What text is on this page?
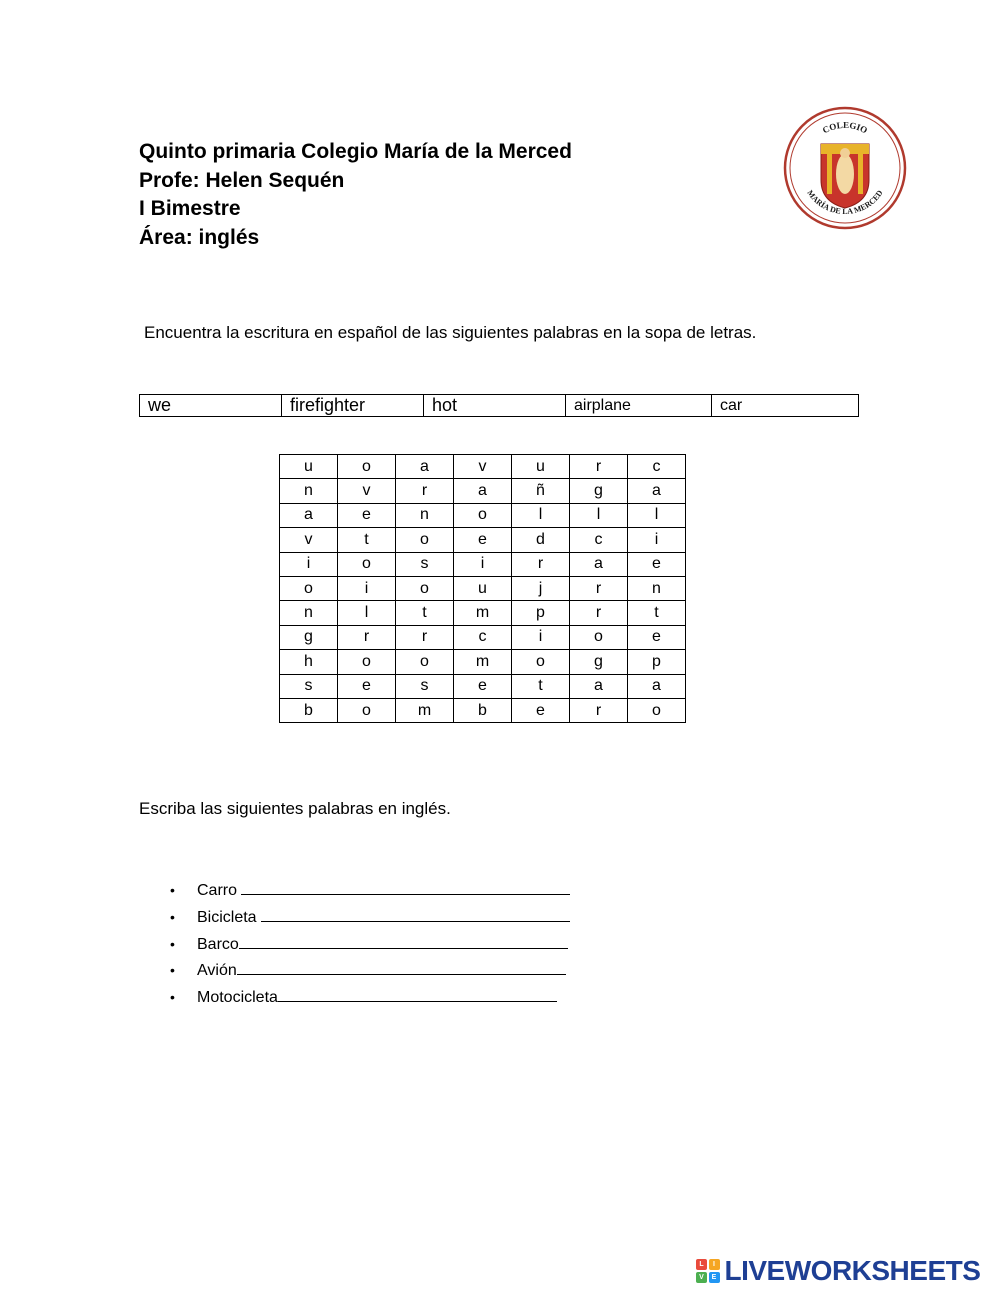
Quinto primaria Colegio María de la Merced
Profe: Helen Sequén
I Bimestre
Área: inglés
COLEGIO
MARÍA DE LA MERCED
Encuentra la escritura en español de las siguientes palabras en la sopa de letras.
we	firefighter	hot	airplane	car
u	o	a	v	u	r	c
n	v	r	a	ñ	g	a
a	e	n	o	l	l	l
v	t	o	e	d	c	i
i	o	s	i	r	a	e
o	i	o	u	j	r	n
n	l	t	m	p	r	t
g	r	r	c	i	o	e
h	o	o	m	o	g	p
s	e	s	e	t	a	a
b	o	m	b	e	r	o
Escriba las siguientes palabras en inglés.
• Carro
• Bicicleta
• Barco
• Avión
• Motocicleta
L	I
V	E LIVEWORKSHEETS
